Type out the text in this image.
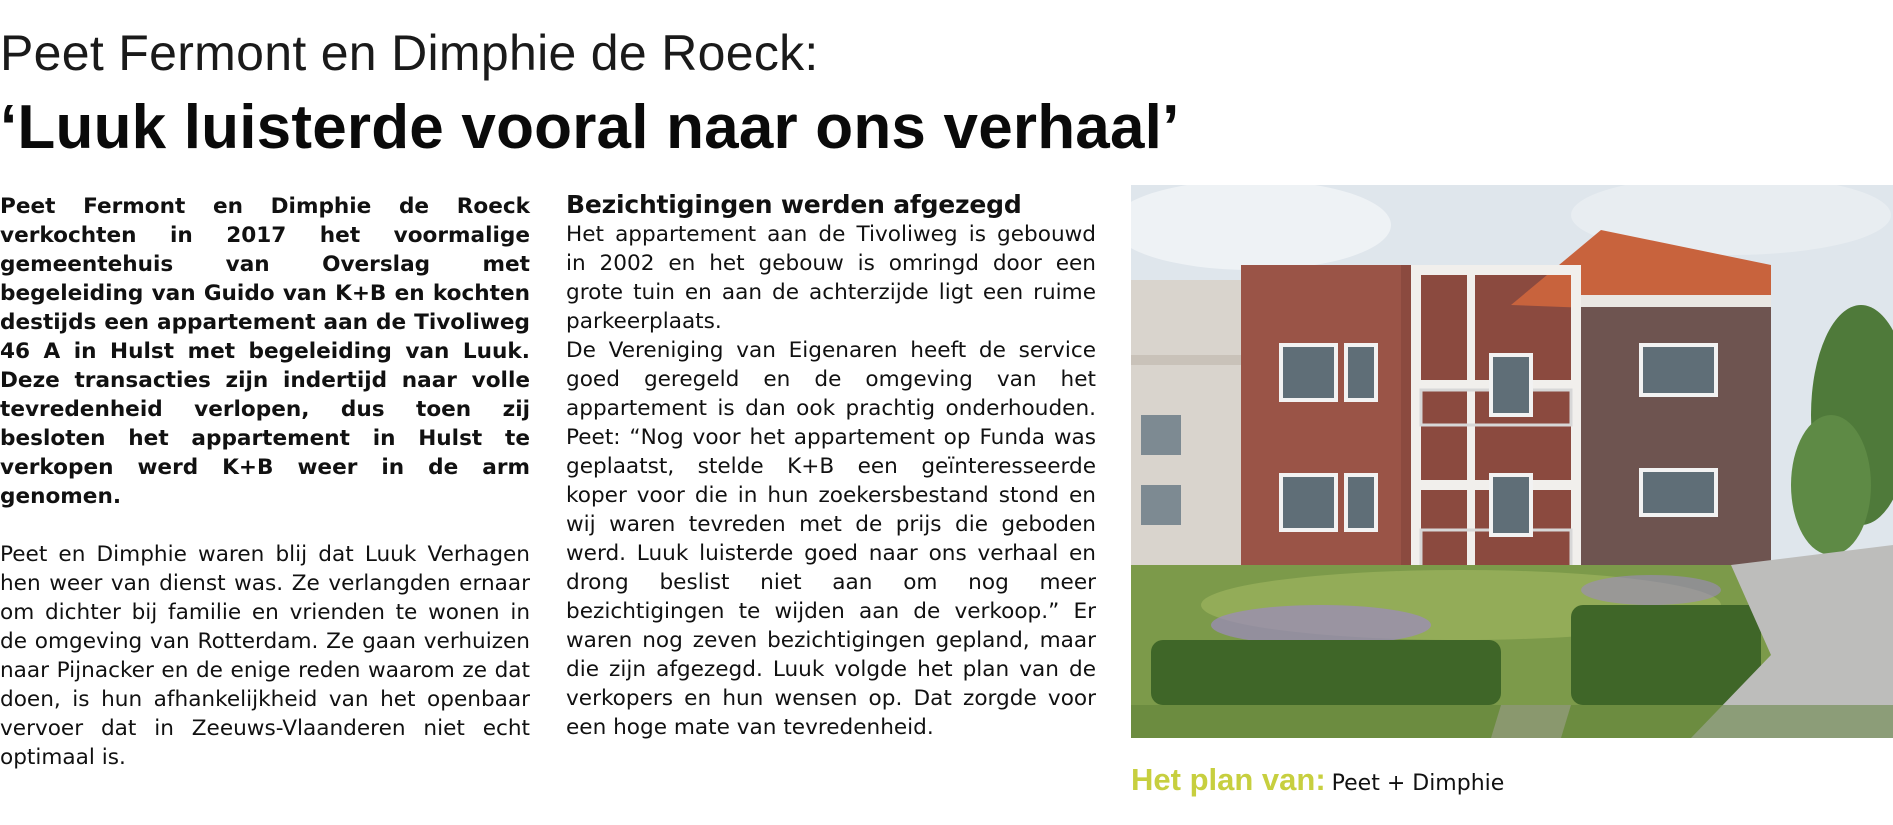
Peet Fermont en Dimphie de Roeck:
‘Luuk luisterde vooral naar ons verhaal’

Peet Fermont en Dimphie de Roeck verkochten in 2017 het voormalige gemeentehuis van Overslag met begeleiding van Guido van K+B en kochten destijds een appartement aan de Tivoliweg 46 A in Hulst met begeleiding van Luuk. Deze transacties zijn indertijd naar volle tevredenheid verlopen, dus toen zij besloten het appartement in Hulst te verkopen werd K+B weer in de arm genomen.

Peet en Dimphie waren blij dat Luuk Verhagen hen weer van dienst was. Ze verlangden ernaar om dichter bij familie en vrienden te wonen in de omgeving van Rotterdam. Ze gaan verhuizen naar Pijnacker en de enige reden waarom ze dat doen, is hun afhankelijkheid van het openbaar vervoer dat in Zeeuws-Vlaanderen niet echt optimaal is.

Bezichtigingen werden afgezegd

Het appartement aan de Tivoliweg is gebouwd in 2002 en het gebouw is omringd door een grote tuin en aan de achterzijde ligt een ruime parkeerplaats.

De Vereniging van Eigenaren heeft de service goed geregeld en de omgeving van het appartement is dan ook prachtig onderhouden. Peet: “Nog voor het appartement op Funda was geplaatst, stelde K+B een geïnteresseerde koper voor die in hun zoekersbestand stond en wij waren tevreden met de prijs die geboden werd. Luuk luisterde goed naar ons verhaal en drong beslist niet aan om nog meer bezichtigingen te wijden aan de verkoop.” Er waren nog zeven bezichtigingen gepland, maar die zijn afgezegd. Luuk volgde het plan van de verkopers en hun wensen op. Dat zorgde voor een hoge mate van tevredenheid.

Het plan van: Peet + Dimphie
